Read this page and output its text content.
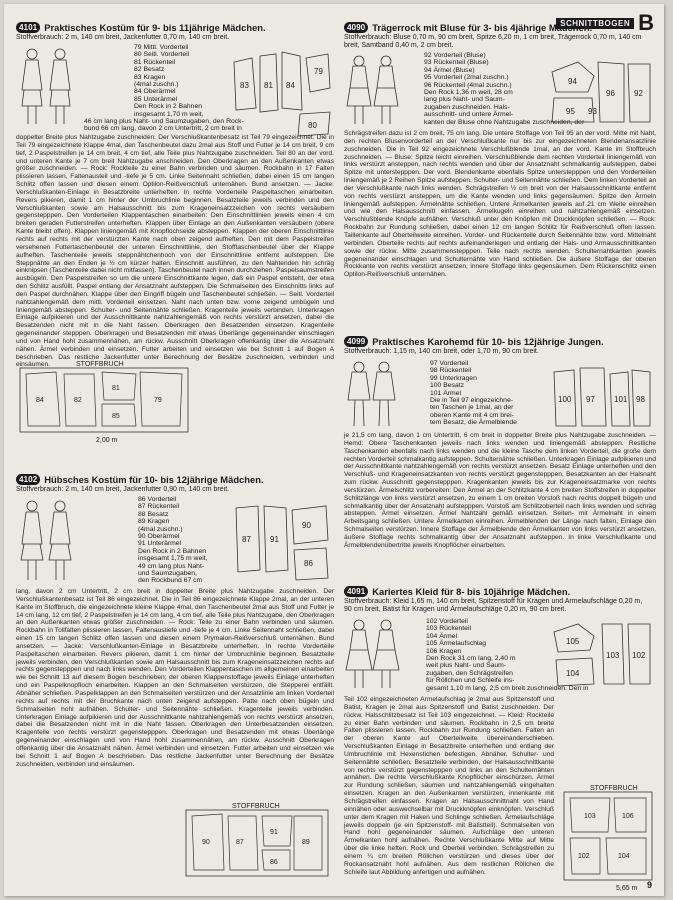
SCHNITTBOGEN B
4101 Praktisches Kostüm für 9- bis 11jährige Mädchen.
Stoffverbrauch: 2 m, 140 cm breit, Jackenfutter 0,70 m, 140 cm breit.
79 Mittl. Vorderteil
80 Seitl. Vorderteil
81 Rückenteil
82 Besatz
83 Kragen
(4mal zuschn.)
84 Oberärmel
85 Unterärmel
Den Rock in 2 Bahnen
insgesamt 1,70 m weit,
46 cm lang plus Naht- und Saumzugaben, den Rock-
bund 66 cm lang, davon 2 cm Untertritt, 2 cm breit in
83 81 84
79
80
doppelter Breite plus Nahtzugabe zuschneiden. Der Verschlußkantenbesatz ist Teil 79 eingezeichnet. Die in Teil 79 eingezeichnete Klappe 4mal, den Taschenbeutel dazu 2mal aus Stoff und Futter je 14 cm breit, 9 cm tief, 2 Paspelstreifen je 14 cm breit, 4 cm tief, alle Teile plus Nahtzugabe zuschneiden. Teil 80 an der vord. und unteren Kante je 7 cm breit Nahtzugabe anschneiden. Den Oberkragen an den Außenkanten etwas größer zuschneiden. — Rock: Rockteile zu einer Bahn verbinden und säumen. Rockbahn in 17 Falten plissieren lassen, Faltenausteil und -tiefe je 5 cm. Linke Seitennaht schließen, dabei einen 15 cm langen Schlitz offen lassen und diesen einem Optilon-Reißverschluß unternähen. Bund ansetzen. — Jacke: Verschlußkanten-Einlage in Besatzbreite unterheften. In rechte Vorderteile Paspeltaschen einarbeiten. Revers pikieren, damit 1 cm hinter der Umbruchlinie beginnen. Besatzteile jeweils verbinden und den Verschlußkanten sowie am Halsausschnitt bis zum Krageneinsatzzeichen von rechts versäubern gegenstepppen. Den Vorderteilen Klappentaschen einarbeiten: Den Einschnittlinien jeweils einen 4 cm breiten geraden Futterstreifen unterheften. Klappen über Einlage an den Außenkanten versäubern (obere Kante bleibt offen). Klappen liniengemäß mit Knopflochseide absteppen. Klappen der oberen Einschnittlinie rechts auf rechts mit der verstürzten Kante nach oben zeigend aufheften. Den mit dem Paspelstreifen versehenen Futtertaschenbeutel der unteren Einschnittlinie, den Stofftaschenbeutel über der Klappe aufheften. Taschenteile jeweils steppnähtchenhoch von der Einschnittlinie entfernt aufsteppen. Die Steppnähte an den Enden je ½ cm kürzer halten. Einschnitt ausführen, zu den Nahtenden hin schräg einknipsen (Taschenteile dabei nicht mitfassen). Taschenbeutel nach innen durchziehen. Paspelsaumstreifen ausbügeln. Den Paspelstreifen so um die untere Einschnittkante legen, daß ein Paspel entsteht, der etwa den Schlitz ausfüllt. Paspel entlang der Ansatznaht aufsteppen. Die Schmalseiten des Einschnitts links auf den Paspel durchnähen. Klappe über den Eingriff bügeln und Taschenbeutel schließen. — Seitl. Vorderteil nahtzahlengemäß dem mittl. Vorderteil einsetzen. Naht nach unten bzw. vorne zeigend umbügeln und liniengemäß absteppen. Schulter- und Seitennähte schließen. Kragenteile jeweils verbinden. Unterkragen Einlage aufpikieren und der Ausschnittkante nahtzahlengemäß von rechts verstürzt ansetzen, dabei die Besatzenden nicht mit in die Naht fassen. Oberkragen den Besatzenden einsetzen. Kragenteile gegeneinander stepppen. Oberkragen und Besatzenden mit etwas Überlänge gegeneinander einschlagen und von Hand hohl zusammennähen, am rückw. Ausschnitt Oberkragen offenkantig über die Ansatznaht nähen. Ärmel verbinden und einsetzen. Futter arbeiten und einsetzen wie bei Schnitt 1 auf Bogen A beschrieben. Das restliche Jackenfutter unter Berechnung der Besätze zuschneiden, verbinden und einsäumen.
84	82
81
79
85
STOFFBRUCH
2,00 m
4102 Hübsches Kostüm für 10- bis 12jährige Mädchen.
Stoffverbrauch: 2 m, 140 cm breit, Jackenfutter 0,90 m, 140 cm breit.
86 Vorderteil
87 Rückenteil
88 Besatz
89 Kragen
(4mal zuschn.)
90 Oberärmel
91 Unterärmel
Den Rock in 2 Bahnen
insgesamt 1,75 m weit,
49 cm lang plus Naht-
und Saumzugaben,
den Rockbund 67 cm
87 91
90
86
lang, davon 2 cm Untertritt, 2 cm breit in doppelter Breite plus Nahtzugabe zuschneiden. Der Verschlußkantenbesatz ist Teil 86 eingezeichnet. Die in Teil 86 eingezeichnete Klappe 2mal, an der unteren Kante im Stoffbruch, die eingezeichnete kleine Klappe 4mal, den Taschenbeutel 2mal aus Stoff und Futter je 14 cm lang, 12 cm tief, 2 Paspelstreifen je 14 cm lang, 4 cm tief, alle Teile plus Nahtzugabe, den Oberkragen an den Außenkanten etwas größer zuschneiden. — Rock: Teile zu einer Bahn verbinden und säumen. Rockbahn in Tollfalten plissieren lassen, Faltenaustiefe und -tiefe je 4 cm. Linke Seitennaht schließen, dabei einen 15 cm langen Schlitz offen lassen und diesen einem Prymalon-Reißverschluß unternähen. Bund ansetzen. — Jacke: Verschlußkanten-Einlage in Besatzbreite unterheften. In rechte Vorderteile Paspeltaschen einarbeiten. Revers pikieren, damit 1 cm hinter der Umbruchlinie beginnen. Besatzteile jeweils verbinden, den Verschlußkanten sowie am Halsausschnitt bis zum Krageneinsatzzeichen rechts auf rechts gegenstepppen und nach links wenden. Den Vorderteilen Klappentaschen im allgemeinen einarbeiten wie bei Schnitt 13 auf diesem Bogen beschrieben; der oberen Klappenstoffage jeweils Einlage unterheften und ein Paspelknopfloch einarbeiten. Klappen an den Schmalseiten verstürzen, die Stepperei entfällt. Abnäher schließen. Paspelklappen an den Schmalseiten verstürzen und der Ansatzlinie am linken Vorderteil rechts auf rechts mit der Bruchkante nach unten zeigend aufsteppen. Patte nach oben bügeln und Schmalseiten hohl aufnähen. Schulter- und Seitennähte schließen. Kragenteile jeweils verbinden. Unterkragen Einlage aufpikieren und der Ausschnittkante nahtzahlengemäß von rechts verstürzt ansetzen, dabei die Besatzenden nicht mit in die Naht fassen. Oberkragen den Unterbesatzenden einsetzen. Kragenteile von rechts verstürzt gegenstepppen. Oberkragen und Besatzenden mit etwas Überlänge gegeneinander einschlagen und von Hand hohl zusammennähen, am rückw. Ausschnitt Oberkragen offenkantig über die Ansatznaht nähen. Ärmel verbinden und einsetzen. Futter arbeiten und einsetzen wie bei Schnitt 1 auf Bogen A beschrieben. Das restliche Jackenfutter unter Berechnung der Besätze zuschneiden, verbinden und einsäumen.
90	87
91
89
86
STOFFBRUCH
4090 Trägerrock mit Bluse für 3- bis 4jährige Mädchen.
Stoffverbrauch: Bluse 0,70 m, 90 cm breit, Spitze 6,20 m, 1 cm breit, Trägerrock 0,70 m, 140 cm breit, Samtband 0,40 m, 2 cm breit.
92 Vorderteil (Bluse)
93 Rückenteil (Bluse)
94 Ärmel (Bluse)
95 Vorderteil (2mal zuschn.)
96 Rückenteil (4mal zuschn.)
Den Rock 1,36 m weit, 28 cm
lang plus Naht- und Saum-
zugaben zuschneiden. Hals-
ausschnitt- und untere Ärmel-
kanten der Bluse ohne Nahtzugabe zuschneiden, der
94
96 92
95 93
Schrägstreifen dazu ist 2 cm breit, 75 cm lang. Die untere Stoffage von Teil 95 an der vord. Mitte mit Naht, den rechten Blusenvorderteil an der Verschlußkante nur bis zur eingezeichneten Blendenansatzlinie zuschneiden. Die in Teil 92 eingezeichnete Verschlußblende 1mal, an der vord. Kante im Stoffbruch zuschneiden. — Bluse: Spitze leicht einreihen. Verschlußblende dem rechten Vorderteil liniengemäß von links verstürzt ansteppen, nach rechts wenden und über der Ansatznaht schmalkantig aufsteppen, dabei Spitze mit unterstepppen. Der vord. Blendenkante ebenfalls Spitze unterstepppen und den Vorderteilen liniengemäß je 2 Reihen Spitze aufsteppen. Schulter- und Seitennähte schließen. Dem linken Vorderteil an der Verschlußkante nach links wenden. Schrägstreifen ½ cm breit von der Halsausschnittkante entfernt von rechts verstürzt ansteppen, um die Kante wenden und links gegensäumen. Spitze den Ärmeln liniengemäß aufsteppen. Ärmelnähte schließen. Untere Ärmelkanten jeweils auf 21 cm Weite einreihen und wie den Halsausschnitt einfassen. Ärmelkugeln einreihen und nahtzahlengemäß einsetzen. Verschlußblende Knöpfe aufnähen. Verschluß unter den Knöpfen mit Druckknöpfen schließen. — Rock: Rockbahn zur Rundung schließen, dabei einen 12 cm langen Schlitz für Reißverschluß offen lassen. Taillenkante auf Oberteilweite einreihen. Vorder- und Rückenteile durch Seitennähte bzw. vord. Mittelnaht verbinden. Oberteile rechts auf rechts aufeinanderlegen und entlang der Hals- und Armausschnittkanten sowie der rückw. Mitte zusammenstepppen. Teile nach rechts wenden. Schulternahtkanten jeweils gegeneinander einschlagen und Schulternähte von Hand schließen. Die äußere Stoffage der oberen Rockkante von rechts verstürzt ansetzen, innere Stoffage links gegensäumen. Dem Rückenschlitz einen Optilon-Reißverschluß unternähen.
4099 Praktisches Karohemd für 10- bis 12jährige Jungen.
Stoffverbrauch: 1,15 m, 140 cm breit, oder 1,70 m, 90 cm breit.
97 Vorderteil
98 Rückenteil
99 Unterkragen
100 Besatz
101 Ärmel
Die in Teil 97 eingezeichne-
ten Taschen je 1mal, an der
oberen Kante mit 4 cm brei-
tem Besatz, die Ärmelblende
100 97 101 98
je 21,5 cm lang, davon 1 cm Untertritt, 6 cm breit in doppelter Breite plus Nahtzugabe zuschneiden. — Hemd: Obere Taschenkanten jeweils nach links wenden und liniengemäß absteppen. Restliche Taschenkanten ebenfalls nach links wenden und die kleine Tasche dem linken Vorderteil, die große dem rechten Vorderteil schmalkantig aufsteppen. Schulternähte schließen. Unterkragen Einlage aufpikieren und der Ausschnittkante nahtzahlengemäß von rechts verstürzt ansetzen. Besatz Einlage unterheften und den Verschluß- und Krageneinsatzkanten von rechts verstürzt gegenstepppen. Besatzkanten an der Halsnaht zum rückw. Ausschnitt gegenstepppen. Kragenkanten jeweils bis zur Krageneinsatzmarke von rechts verstürzen. Ärmelschlitz vorbereiten: Den Ärmel an der Schlitzkante 4 cm breiten Stoffstreifen in doppelter Schlitzlänge von links verstürzt ansetzen, zu einem 1 cm breiten Vorstoß nach rechts doppelt bügeln und schmalkantig über der Ansatznaht aufstepppen. Vorstoß am Schlitzoberteil nach links wenden und schräg absteppen. Ärmel einsetzen. Ärmel Nahtzahl gemäß einsetzen. Seiten- mit Ärmelnaht in einem Arbeitsgang schließen. Untere Ärmelkanten einreihen. Ärmelblenden der Länge nach falten, Einlage den Schmalseiten verstürzen. Innere Stoffage der Ärmelblende den Ärmelkanten von links verstürzt ansetzen, äußere Stoffage rechts schmalkantig über der Ansatznaht aufsteppen. In linke Verschlußkante und Ärmelblendenübertritte jeweils Knopflöcher einarbeiten.
4091 Kariertes Kleid für 8- bis 10jährige Mädchen.
Stoffverbrauch: Kleid 1,65 m, 140 cm breit, Spitzenstoff für Kragen und Armelaufschläge 0,20 m, 90 cm breit, Batist für Kragen und Ärmelaufschläge 0,20 m, 90 cm breit.
102 Vorderteil
103 Rückenteil
104 Ärmel
105 Ärmelaufschlag
106 Kragen
Den Rock 31 cm lang, 2,40 m
weit plus Naht- und Saum-
zugaben, den Schrägstreifen
für Röllchen und Schleife ins-
gesamt 1,10 m lang, 2,5 cm breit zuschneiden. Den in
105
103 102
104
Teil 102 eingezeichneten Armelaufschlag je 2mal aus Spitzenstoff und Batist, Kragen je 2mal aus Spitzenstoff und Batist zuschneiden. Der rückw. Halsschlitzbesatz ist Teil 103 eingezeichnet. — Kleid: Rockteile zu einer Bahn verbinden und säumen. Rockbahn in 2,5 cm breite Falten plissieren lassen. Rockbahn zur Rundung schließen. Falten an der oberen Kante auf Oberteilweite übereinanderschieben. Verschlußkanten Einlage in Besatzbreite unterheften und entlang der Umbruchlinie mit Hexenstichen befestigen. Abnäher, Schulter- und Seitennähte schließen. Besatzteile verbinden, der Halsausschnittkante von rechts verstürzt gegenstepppen und links an den Schulternähten annähen. Die rechte Verschlußkante Knopflöcher einschürzen. Ärmel zur Rundung schließen, säumen und nahtzahlengemäß eingehalten einsetzen. Kragen an den Außenkanten verstürzen, innenkante mit Schrägstreifen einfassen. Kragen an Halsausschnittnaht von Hand einnähen oder auswechselbar mit Druckknöpfen einknöpfen. Verschluß unter dem Kragen mit Haken und Schlinge schließen. Ärmelaufschläge jeweils doppeln (je ein Spitzenstoff- mit Batistteil). Schmalseiten von Hand hohl gegeneinander säumen. Aufschläge den unteren Ärmelkanten hohl aufnähen. Rechte Verschlußkante Mitte auf Mitte über die linke heften. Rock und Oberteil verbinden. Schrägstreifen zu einem ¼ cm breiten Röllchen verstürzen und dieses über der Rockansatznaht hohl aufnähen. Aus dem restlichen Röllchen die Schleife laut Abbildung anfertigen und aufnähen.
103	106
102	104
STOFFBRUCH
5,65 m 9
